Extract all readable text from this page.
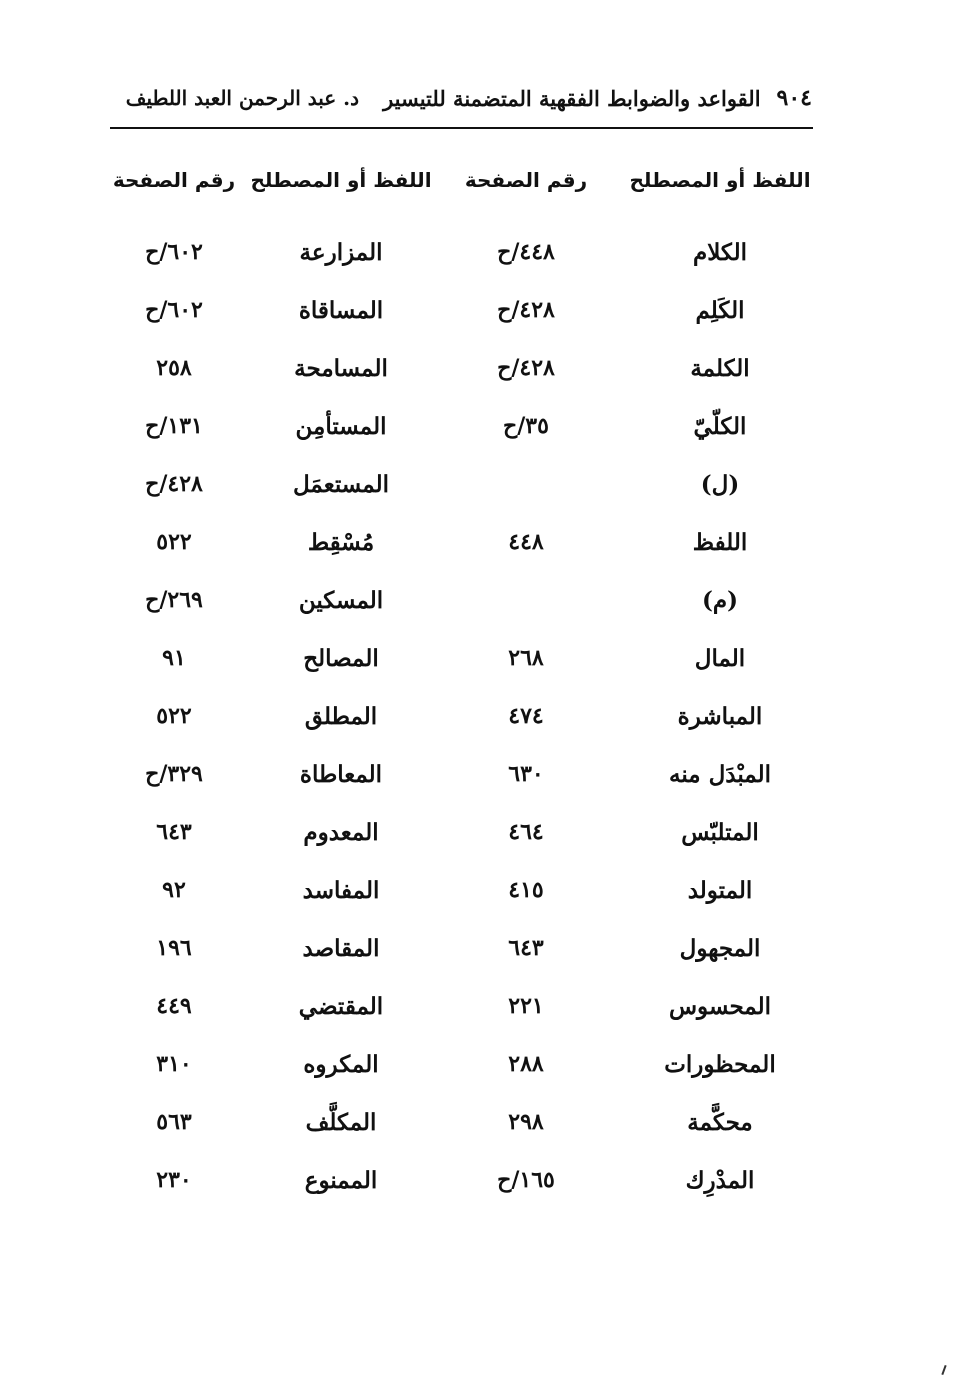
٩٠٤
القواعد والضوابط الفقهية المتضمنة للتيسير
د. عبد الرحمن العبد اللطيف
اللفظ أو المصطلح
رقم الصفحة
اللفظ أو المصطلح
رقم الصفحة
الكلام
٤٤٨/ح
المزارعة
٦٠٢/ح
الكَلِم
٤٢٨/ح
المساقاة
٦٠٢/ح
الكلمة
٤٢٨/ح
المسامحة
٢٥٨
الكلّيّ
٣٥/ح
المستأمِن
١٣١/ح
(ل)
المستعمَل
٤٢٨/ح
اللفظ
٤٤٨
مُسْقِط
٥٢٢
(م)
المسكين
٢٦٩/ح
المال
٢٦٨
المصالح
٩١
المباشرة
٤٧٤
المطلق
٥٢٢
المبْدَل منه
٦٣٠
المعاطاة
٣٢٩/ح
المتلبّس
٤٦٤
المعدوم
٦٤٣
المتولد
٤١٥
المفاسد
٩٢
المجهول
٦٤٣
المقاصد
١٩٦
المحسوس
٢٢١
المقتضي
٤٤٩
المحظورات
٢٨٨
المكروه
٣١٠
محكَّمة
٢٩٨
المكلَّف
٥٦٣
المدْرِك
١٦٥/ح
الممنوع
٢٣٠
